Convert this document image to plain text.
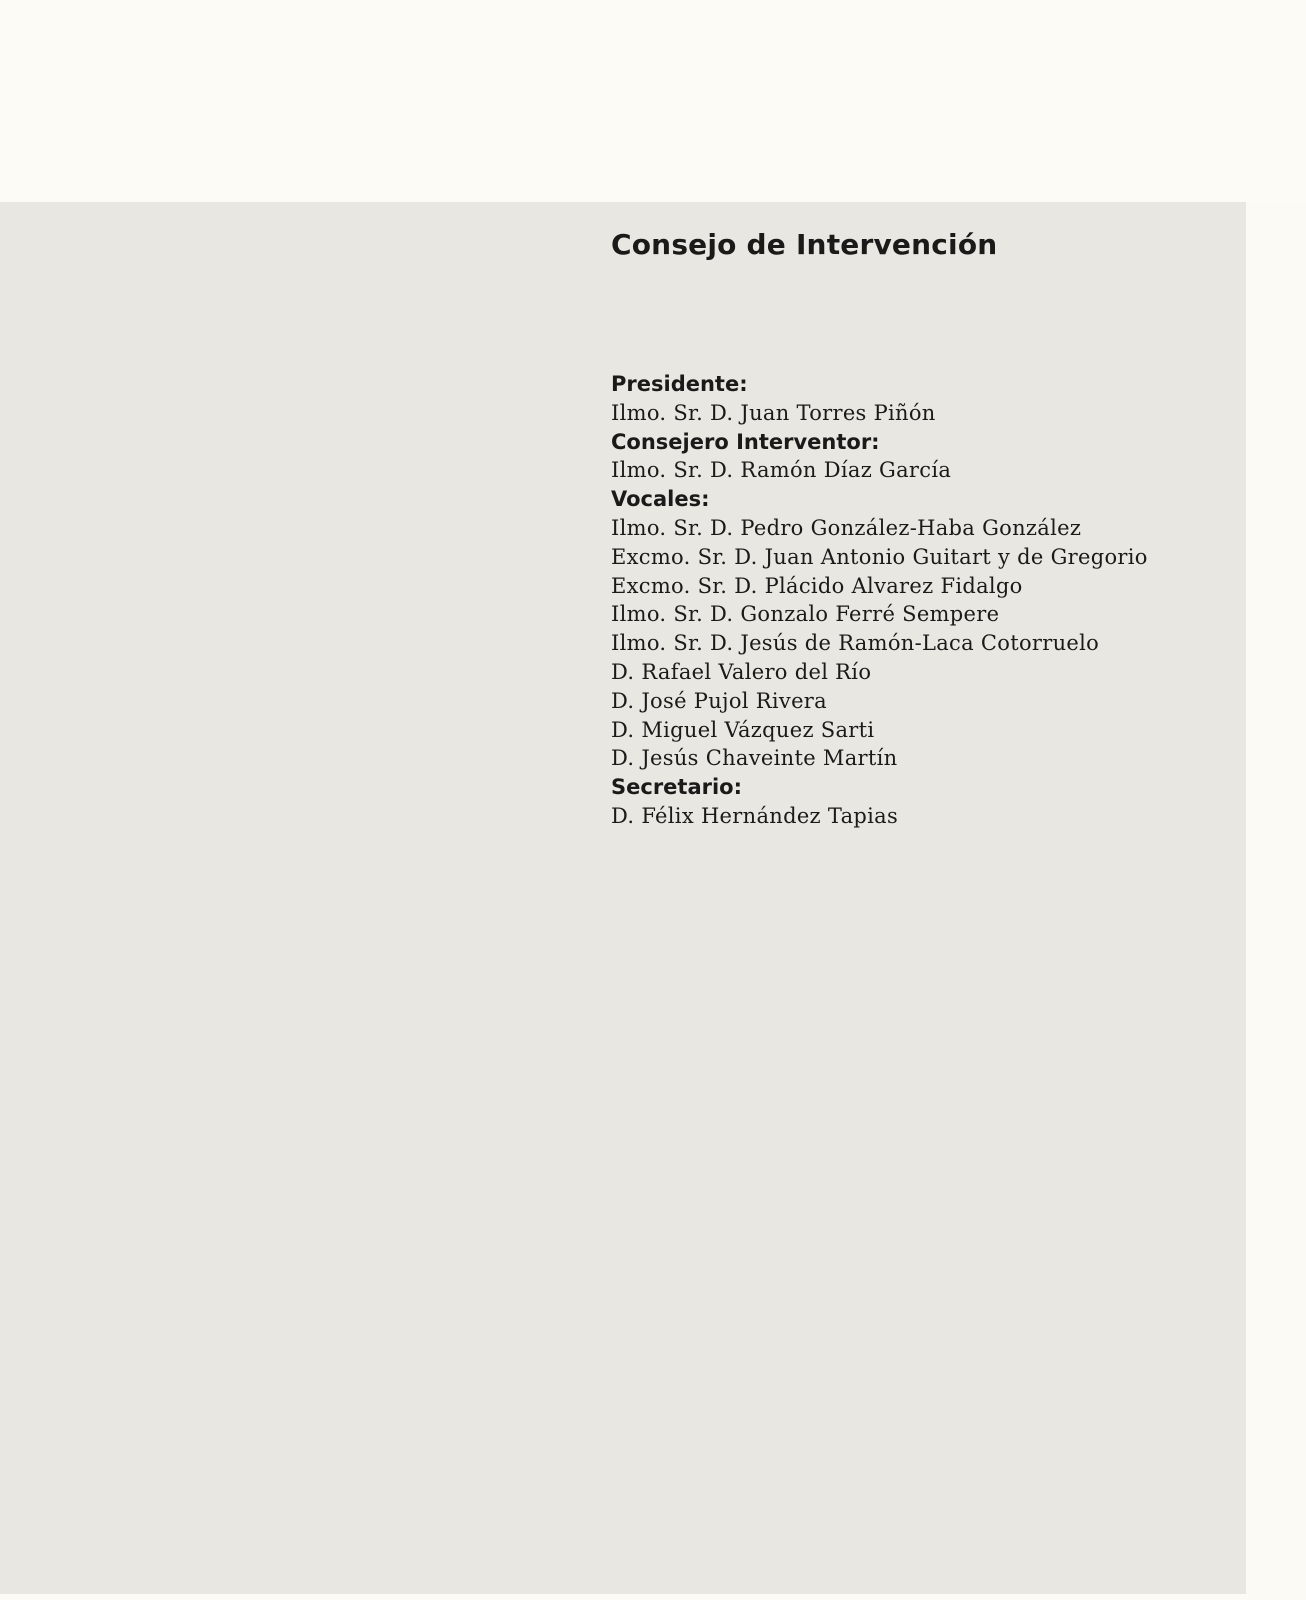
Consejo de Intervención
Presidente:
Ilmo. Sr. D. Juan Torres Piñón
Consejero Interventor:
Ilmo. Sr. D. Ramón Díaz García
Vocales:
Ilmo. Sr. D. Pedro González-Haba González
Excmo. Sr. D. Juan Antonio Guitart y de Gregorio
Excmo. Sr. D. Plácido Alvarez Fidalgo
Ilmo. Sr. D. Gonzalo Ferré Sempere
Ilmo. Sr. D. Jesús de Ramón-Laca Cotorruelo
D. Rafael Valero del Río
D. José Pujol Rivera
D. Miguel Vázquez Sarti
D. Jesús Chaveinte Martín
Secretario:
D. Félix Hernández Tapias
